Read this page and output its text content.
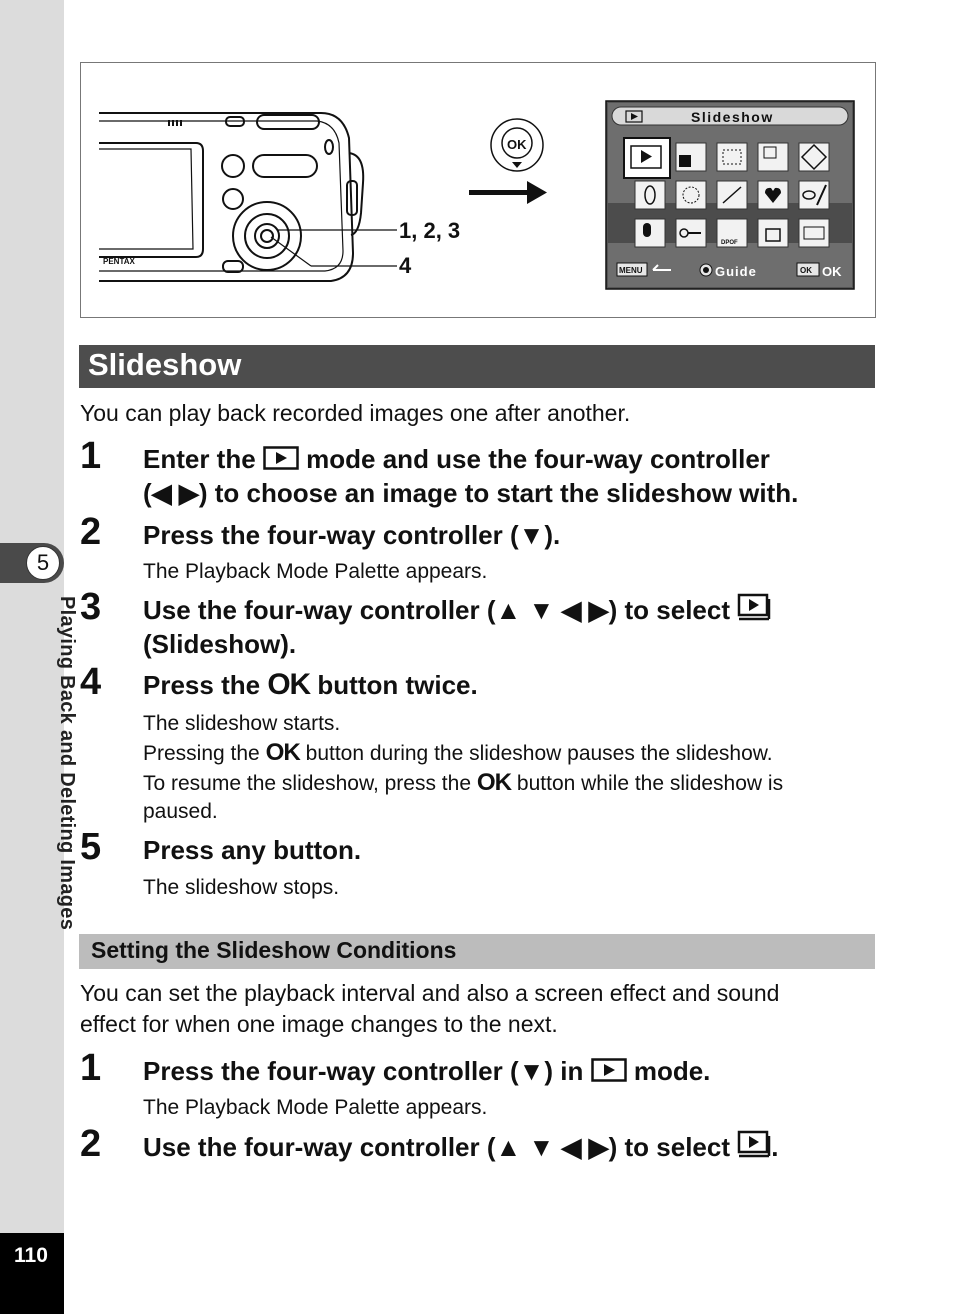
5
Playing Back and Deleting Images
110
PENTAX
1, 2, 3
4
OK
Slideshow
DPOF
MENU	Guide	OK OK
Slideshow
You can play back recorded images one after another.
1 Enter the mode and use the four-way controller
(◀ ▶) to choose an image to start the slideshow with.
2 Press the four-way controller (▼).
The Playback Mode Palette appears.
3 Use the four-way controller (▲ ▼ ◀ ▶) to select
(Slideshow).
4 Press the OK button twice.
The slideshow starts.
Pressing the OK button during the slideshow pauses the slideshow.
To resume the slideshow, press the OK button while the slideshow is
paused.
5 Press any button.
The slideshow stops.
Setting the Slideshow Conditions
You can set the playback interval and also a screen effect and sound
effect for when one image changes to the next.
1 Press the four-way controller (▼) in mode.
The Playback Mode Palette appears.
2 Use the four-way controller (▲ ▼ ◀ ▶) to select .
